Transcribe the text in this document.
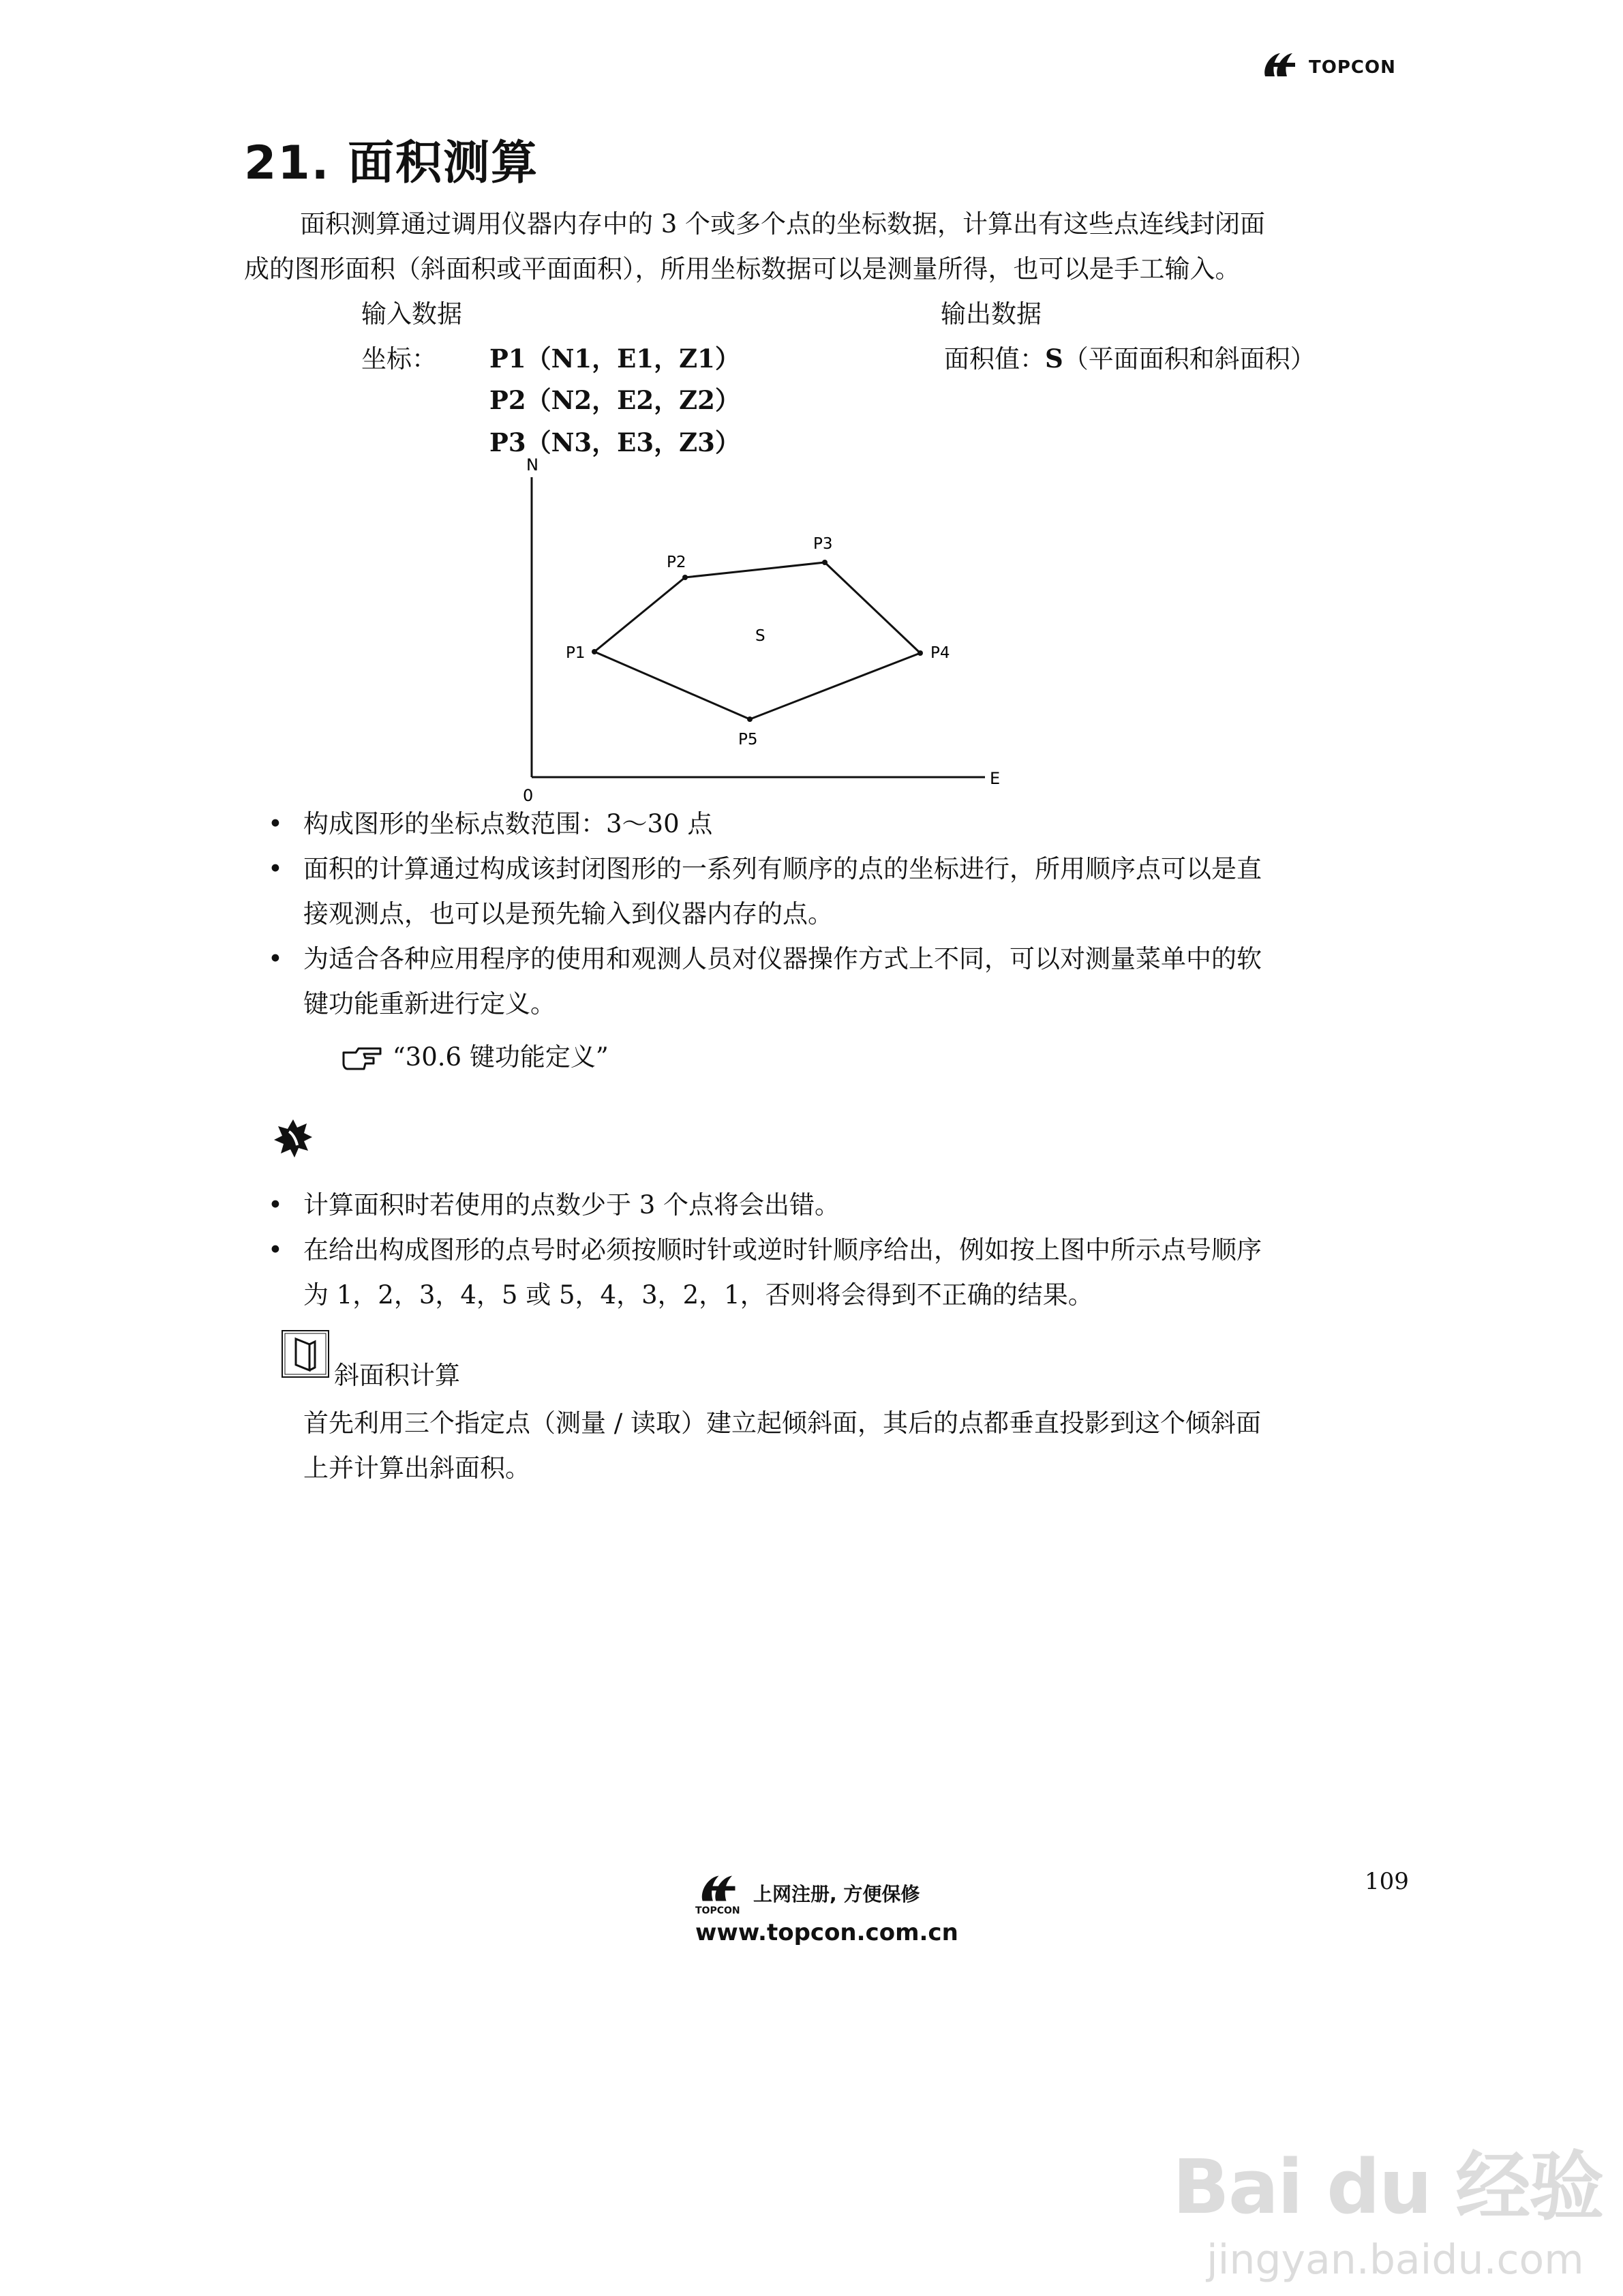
TOPCON
21. 面积测算
面积测算通过调用仪器内存中的 3 个或多个点的坐标数据，计算出有这些点连线封闭面
成的图形面积（斜面积或平面面积），所用坐标数据可以是测量所得，也可以是手工输入。
输入数据	输出数据
坐标： P1（N1，E1，Z1）
P2（N2，E2，Z2）
P3（N3，E3，Z3）
面积值：S（平面面积和斜面积）
N
E
0
P1
P2
P3
P4
P5
S
• 构成图形的坐标点数范围：3～30 点
• 面积的计算通过构成该封闭图形的一系列有顺序的点的坐标进行，所用顺序点可以是直
接观测点，也可以是预先输入到仪器内存的点。
• 为适合各种应用程序的使用和观测人员对仪器操作方式上不同，可以对测量菜单中的软
键功能重新进行定义。
“30.6 键功能定义”
• 计算面积时若使用的点数少于 3 个点将会出错。
• 在给出构成图形的点号时必须按顺时针或逆时针顺序给出，例如按上图中所示点号顺序
为 1，2，3，4，5 或 5，4，3，2，1，否则将会得到不正确的结果。
斜面积计算
首先利用三个指定点（测量 / 读取）建立起倾斜面，其后的点都垂直投影到这个倾斜面
上并计算出斜面积。
109
TOPCON
上网注册, 方便保修
www.topcon.com.cn
Bai du 经验
jingyan.baidu.com
